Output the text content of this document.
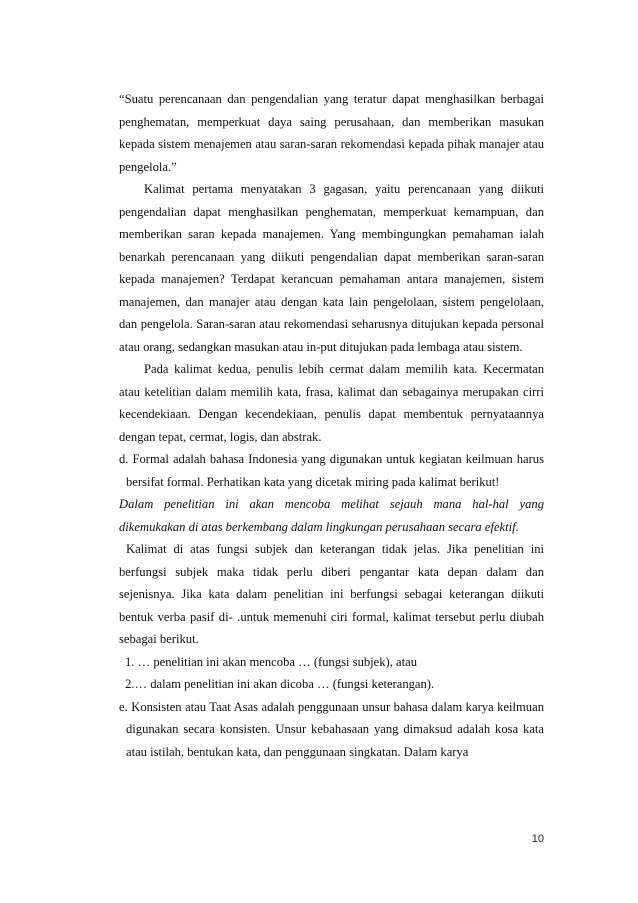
“Suatu perencanaan dan pengendalian yang teratur dapat menghasilkan berbagai penghematan, memperkuat daya saing perusahaan, dan memberikan masukan kepada sistem menajemen atau saran-saran rekomendasi kepada pihak manajer atau pengelola.”

Kalimat pertama menyatakan 3 gagasan, yaitu perencanaan yang diikuti pengendalian dapat menghasilkan penghematan, memperkuat kemampuan, dan memberikan saran kepada manajemen. Yang membingungkan pemahaman ialah benarkah perencanaan yang diikuti pengendalian dapat memberikan saran-saran kepada manajemen? Terdapat kerancuan pemahaman antara manajemen, sistem manajemen, dan manajer atau dengan kata lain pengelolaan, sistem pengelolaan, dan pengelola. Saran-saran atau rekomendasi seharusnya ditujukan kepada personal atau orang, sedangkan masukan atau in-put ditujukan pada lembaga atau sistem.

Pada kalimat kedua, penulis lebih cermat dalam memilih kata. Kecermatan atau ketelitian dalam memilih kata, frasa, kalimat dan sebagainya merupakan cirri kecendekiaan. Dengan kecendekiaan, penulis dapat membentuk pernyataannya dengan tepat, cermat, logis, dan abstrak.

d. Formal adalah bahasa Indonesia yang digunakan untuk kegiatan keilmuan harus bersifat formal. Perhatikan kata yang dicetak miring pada kalimat berikut!

Dalam penelitian ini akan mencoba melihat sejauh mana hal-hal yang dikemukakan di atas berkembang dalam lingkungan perusahaan secara efektif.

Kalimat di atas fungsi subjek dan keterangan tidak jelas. Jika penelitian ini berfungsi subjek maka tidak perlu diberi pengantar kata depan dalam dan sejenisnya. Jika kata dalam penelitian ini berfungsi sebagai keterangan diikuti bentuk verba pasif di- .untuk memenuhi ciri formal, kalimat tersebut perlu diubah sebagai berikut.

1. … penelitian ini akan mencoba … (fungsi subjek), atau

2.… dalam penelitian ini akan dicoba … (fungsi keterangan).

e. Konsisten atau Taat Asas adalah penggunaan unsur bahasa dalam karya keilmuan digunakan secara konsisten. Unsur kebahasaan yang dimaksud adalah kosa kata atau istilah, bentukan kata, dan penggunaan singkatan. Dalam karya

10
